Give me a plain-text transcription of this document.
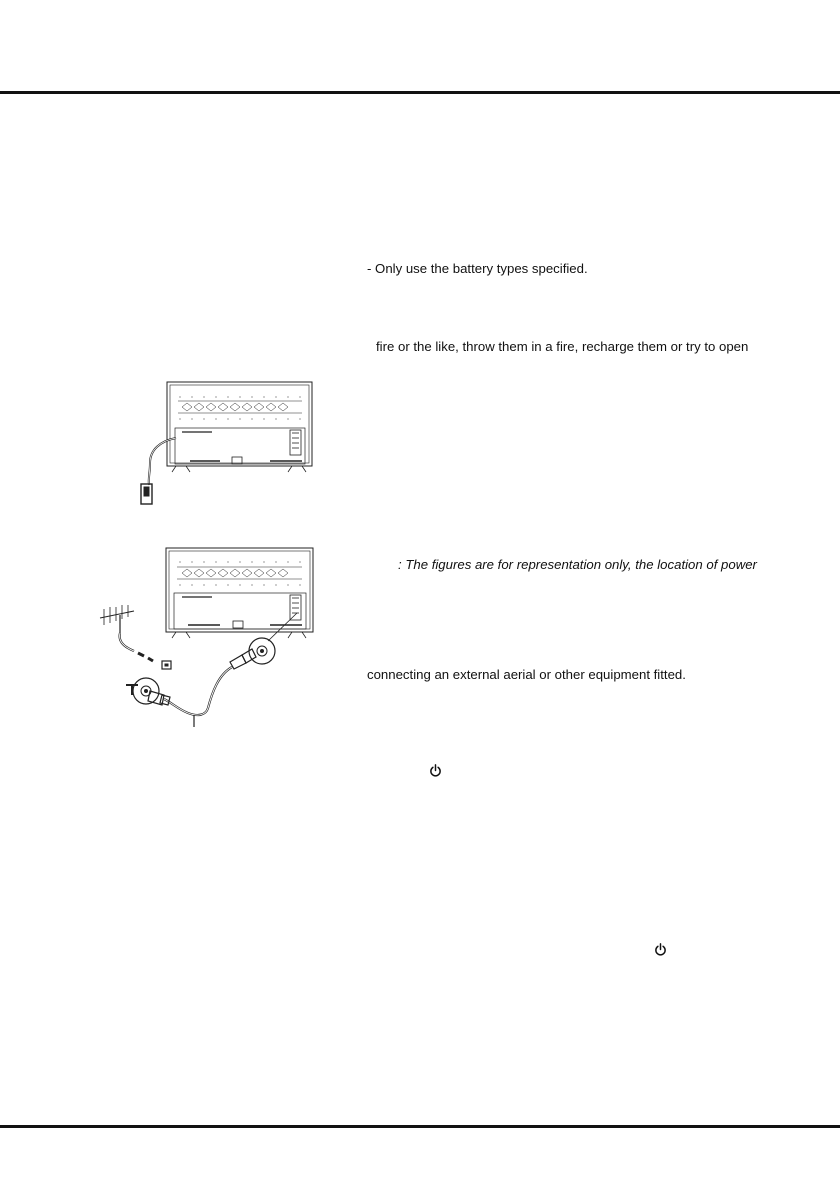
- Only use the battery types specified.
fire or the like, throw them in a fire, recharge them or try to open
: The figures are for representation only, the location of power
connecting an external aerial or other equipment fitted.
